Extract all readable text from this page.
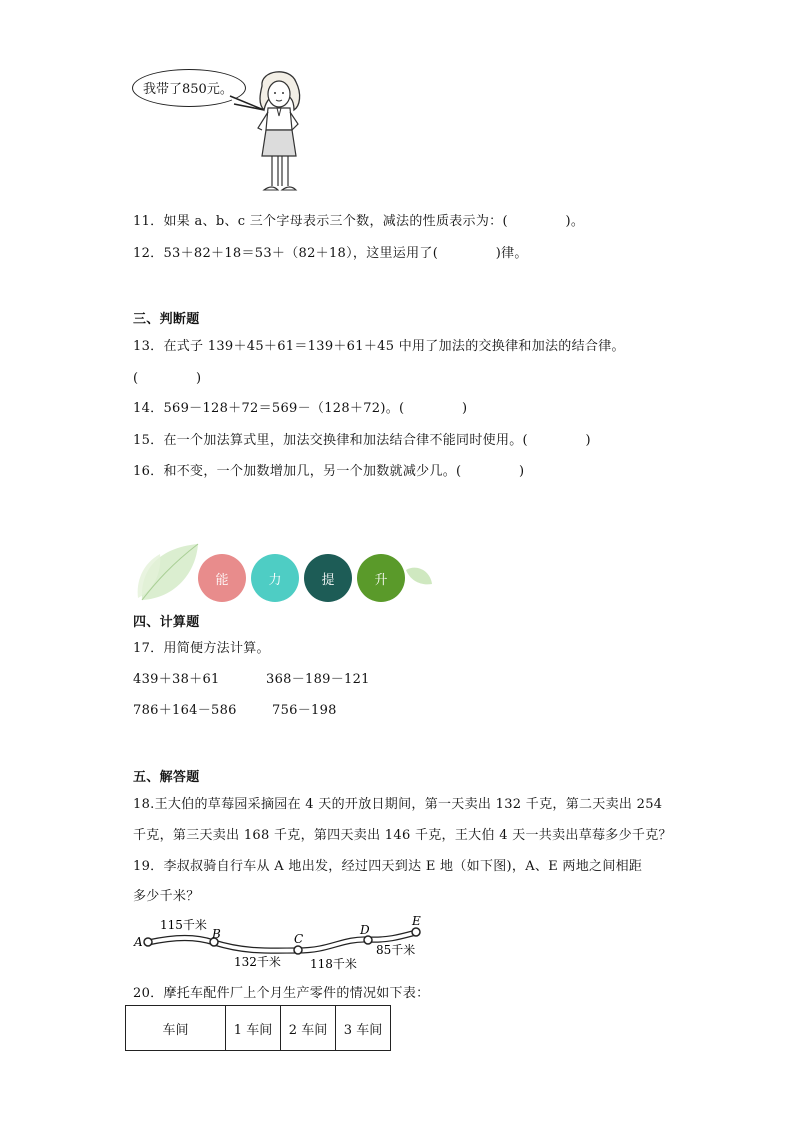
我带了850元。
11．如果 a、b、c 三个字母表示三个数，减法的性质表示为：(　　　　 )。
12．53＋82＋18＝53＋（82＋18），这里运用了(　　　　 )律。
三、判断题
13．在式子 139＋45＋61＝139＋61＋45 中用了加法的交换律和加法的结合律。
(　　　　 )
14．569－128＋72＝569－（128＋72)。(　　　　 )
15．在一个加法算式里，加法交换律和加法结合律不能同时使用。(　　　　 )
16．和不变，一个加数增加几，另一个加数就减少几。(　　　　 )
能	力	提	升
四、计算题
17．用简便方法计算。
439＋38＋61	368－189－121
786＋164－586	756－198
五、解答题
18.王大伯的草莓园采摘园在 4 天的开放日期间，第一天卖出 132 千克，第二天卖出 254
千克，第三天卖出 168 千克，第四天卖出 146 千克，王大伯 4 天一共卖出草莓多少千克？
19．李叔叔骑自行车从 A 地出发，经过四天到达 E 地（如下图)，A、E 两地之间相距
多少千米？
A
B	C
D
E
115千米
132千米 118千米
85千米
20．摩托车配件厂上个月生产零件的情况如下表：
车间	1 车间	2 车间	3 车间
